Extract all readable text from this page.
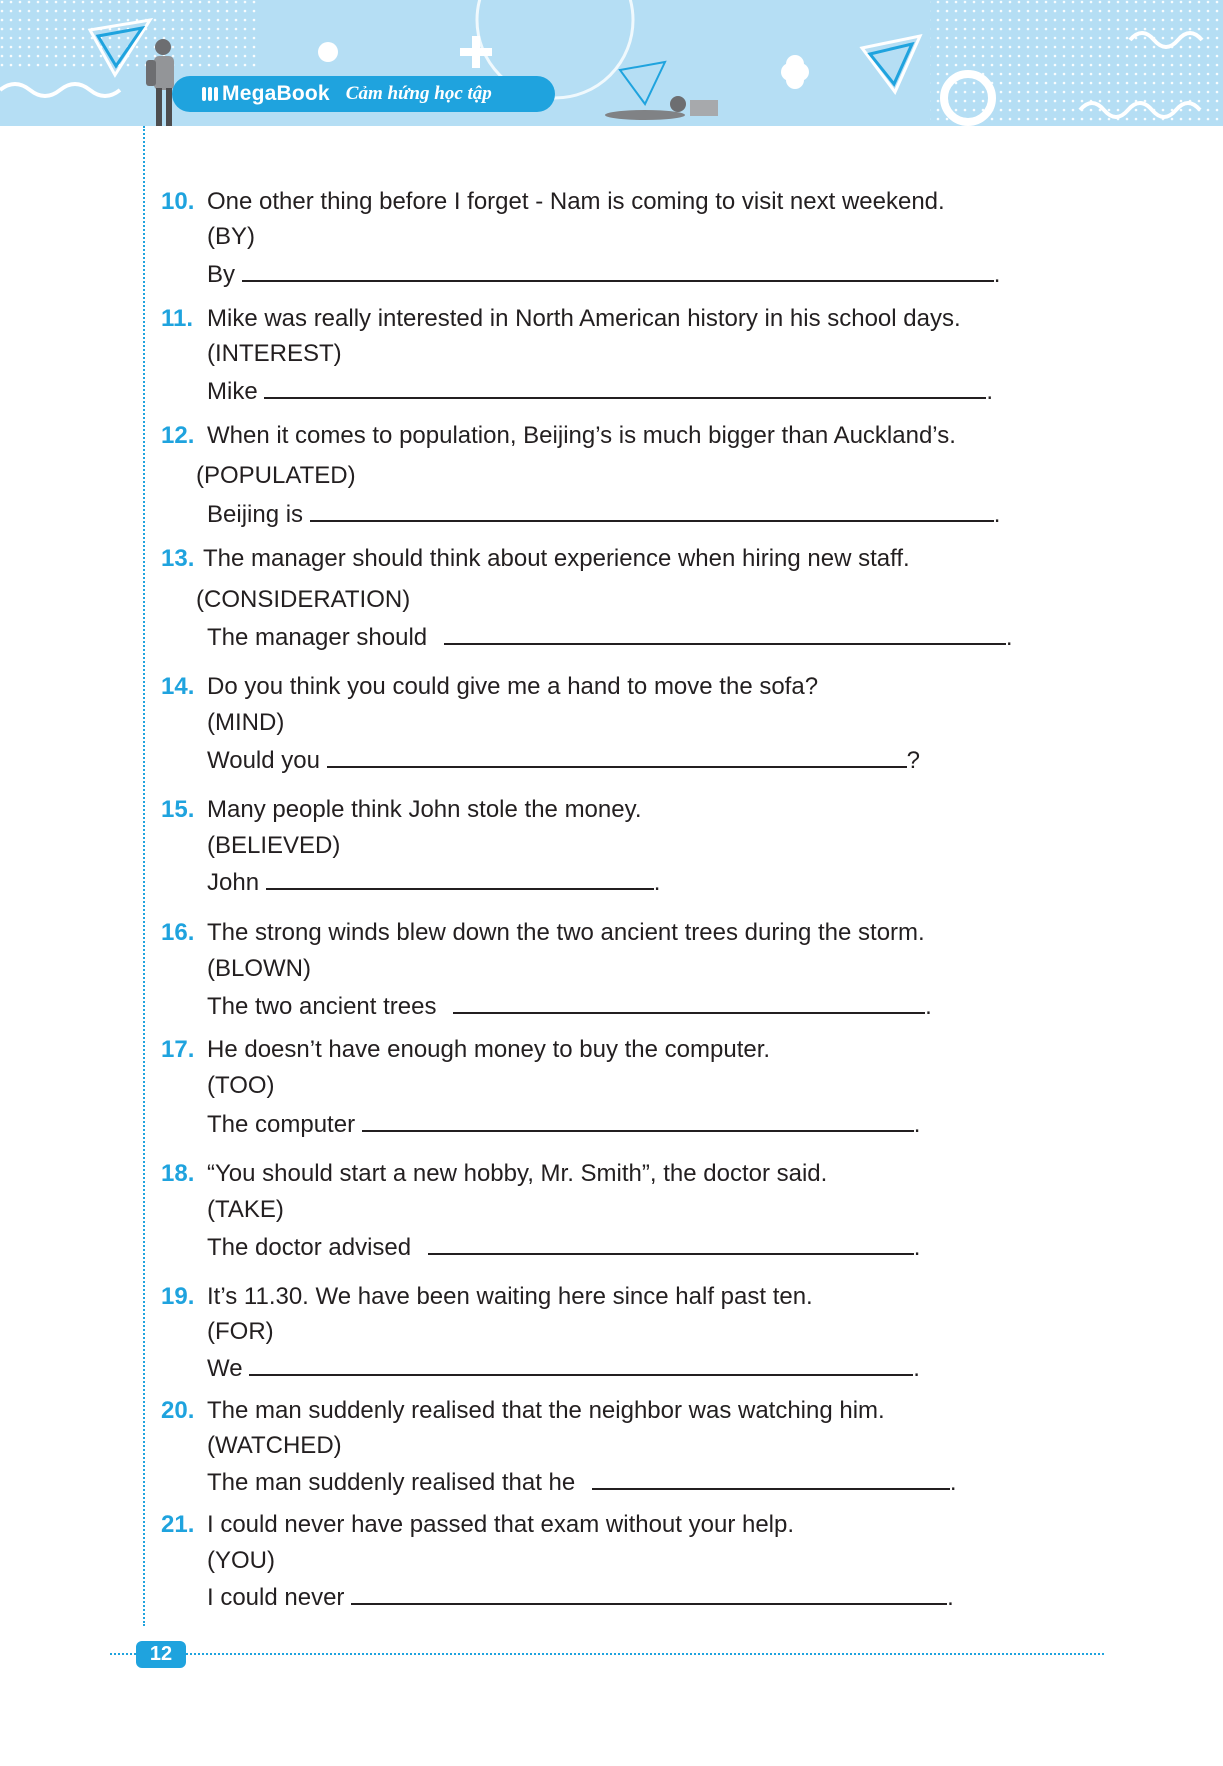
MegaBook Cảm hứng học tập
10. One other thing before I forget - Nam is coming to visit next weekend.
(BY)
By	.
11. Mike was really interested in North American history in his school days.
(INTEREST)
Mike	.
12. When it comes to population, Beijing’s is much bigger than Auckland’s.
(POPULATED)
Beijing is	.
13. The manager should think about experience when hiring new staff.
(CONSIDERATION)
The manager should	.
14. Do you think you could give me a hand to move the sofa?
(MIND)
Would you	?
15. Many people think John stole the money.
(BELIEVED)
John	.
16. The strong winds blew down the two ancient trees during the storm.
(BLOWN)
The two ancient trees	.
17. He doesn’t have enough money to buy the computer.
(TOO)
The computer	.
18. “You should start a new hobby, Mr. Smith”, the doctor said.
(TAKE)
The doctor advised	.
19. It’s 11.30. We have been waiting here since half past ten.
(FOR)
We	.
20. The man suddenly realised that the neighbor was watching him.
(WATCHED)
The man suddenly realised that he	.
21. I could never have passed that exam without your help.
(YOU)
I could never	.
12
